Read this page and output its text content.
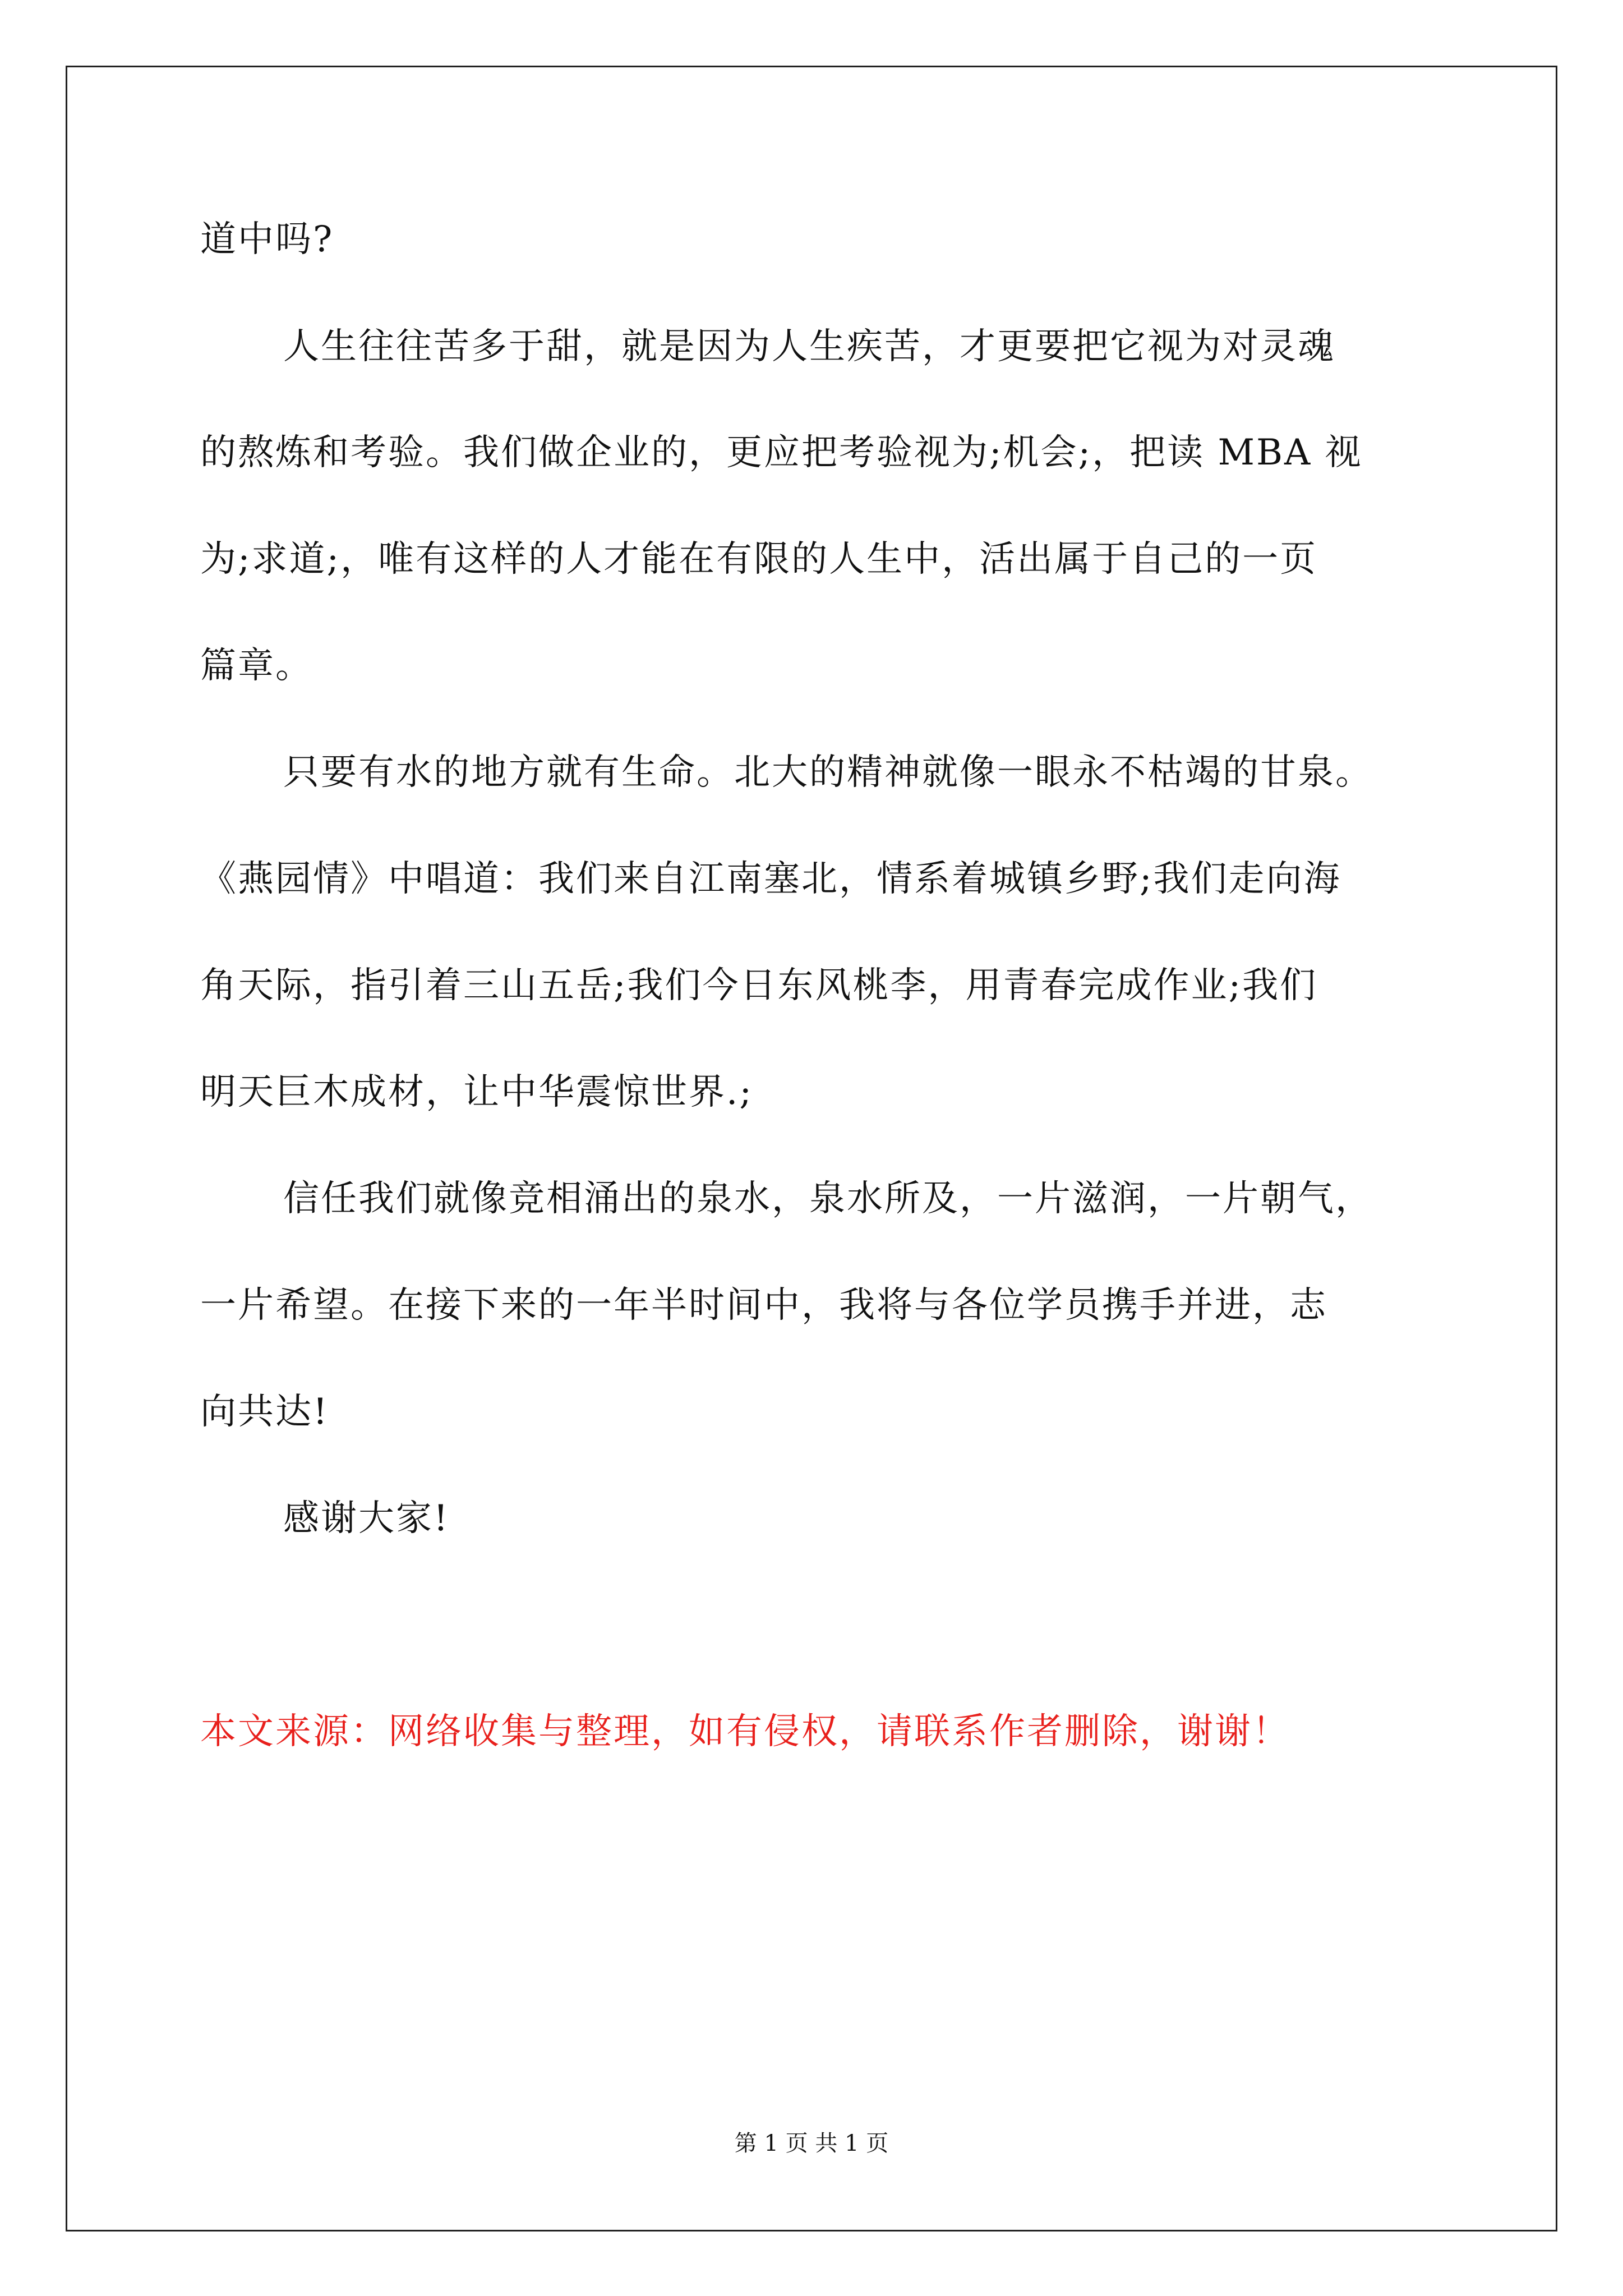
道中吗?
人生往往苦多于甜，就是因为人生疾苦，才更要把它视为对灵魂
的熬炼和考验。我们做企业的，更应把考验视为;机会;，把读 MBA 视
为;求道;，唯有这样的人才能在有限的人生中，活出属于自己的一页
篇章。
只要有水的地方就有生命。北大的精神就像一眼永不枯竭的甘泉。
《燕园情》中唱道：我们来自江南塞北，情系着城镇乡野;我们走向海
角天际，指引着三山五岳;我们今日东风桃李，用青春完成作业;我们
明天巨木成材，让中华震惊世界.;
信任我们就像竞相涌出的泉水，泉水所及，一片滋润，一片朝气，
一片希望。在接下来的一年半时间中，我将与各位学员携手并进，志
向共达!
感谢大家!
本文来源：网络收集与整理，如有侵权，请联系作者删除，谢谢！
第 1 页 共 1 页
